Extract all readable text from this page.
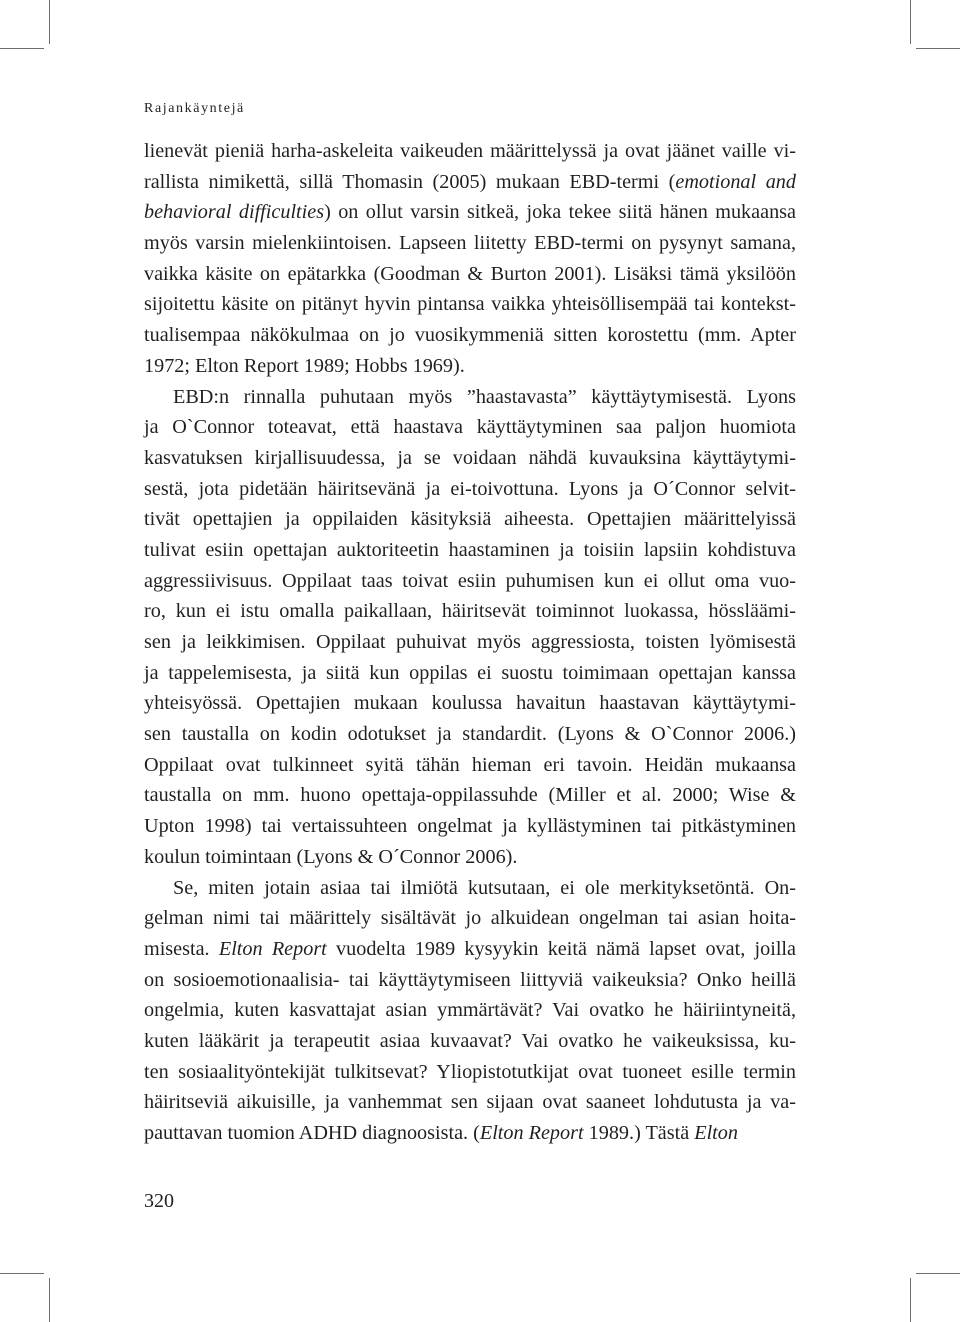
Rajankäyntejä
lienevät pieniä harha-askeleita vaikeuden määrittelyssä ja ovat jäänet vaille vi-
rallista nimikettä, sillä Thomasin (2005) mukaan EBD-termi (emotional and
behavioral difficulties) on ollut varsin sitkeä, joka tekee siitä hänen mukaansa
myös varsin mielenkiintoisen. Lapseen liitetty EBD-termi on pysynyt samana,
vaikka käsite on epätarkka (Goodman & Burton 2001). Lisäksi tämä yksilöön
sijoitettu käsite on pitänyt hyvin pintansa vaikka yhteisöllisempää tai kontekst-
tualisempaa näkökulmaa on jo vuosikymmeniä sitten korostettu (mm. Apter
1972; Elton Report 1989; Hobbs 1969).
EBD:n rinnalla puhutaan myös ”haastavasta” käyttäytymisestä. Lyons
ja O`Connor toteavat, että haastava käyttäytyminen saa paljon huomiota
kasvatuksen kirjallisuudessa, ja se voidaan nähdä kuvauksina käyttäytymi-
sestä, jota pidetään häiritsevänä ja ei-toivottuna. Lyons ja O´Connor selvit-
tivät opettajien ja oppilaiden käsityksiä aiheesta. Opettajien määrittelyissä
tulivat esiin opettajan auktoriteetin haastaminen ja toisiin lapsiin kohdistuva
aggressiivisuus. Oppilaat taas toivat esiin puhumisen kun ei ollut oma vuo-
ro, kun ei istu omalla paikallaan, häiritsevät toiminnot luokassa, hössläämi-
sen ja leikkimisen. Oppilaat puhuivat myös aggressiosta, toisten lyömisestä
ja tappelemisesta, ja siitä kun oppilas ei suostu toimimaan opettajan kanssa
yhteisyössä. Opettajien mukaan koulussa havaitun haastavan käyttäytymi-
sen taustalla on kodin odotukset ja standardit. (Lyons & O`Connor 2006.)
Oppilaat ovat tulkinneet syitä tähän hieman eri tavoin. Heidän mukaansa
taustalla on mm. huono opettaja-oppilassuhde (Miller et al. 2000; Wise &
Upton 1998) tai vertaissuhteen ongelmat ja kyllästyminen tai pitkästyminen
koulun toimintaan (Lyons & O´Connor 2006).
Se, miten jotain asiaa tai ilmiötä kutsutaan, ei ole merkityksetöntä. On-
gelman nimi tai määrittely sisältävät jo alkuidean ongelman tai asian hoita-
misesta. Elton Report vuodelta 1989 kysyykin keitä nämä lapset ovat, joilla
on sosioemotionaalisia- tai käyttäytymiseen liittyviä vaikeuksia? Onko heillä
ongelmia, kuten kasvattajat asian ymmärtävät? Vai ovatko he häiriintyneitä,
kuten lääkärit ja terapeutit asiaa kuvaavat? Vai ovatko he vaikeuksissa, ku-
ten sosiaalityöntekijät tulkitsevat? Yliopistotutkijat ovat tuoneet esille termin
häiritseviä aikuisille, ja vanhemmat sen sijaan ovat saaneet lohdutusta ja va-
pauttavan tuomion ADHD diagnoosista. (Elton Report 1989.) Tästä Elton
320
